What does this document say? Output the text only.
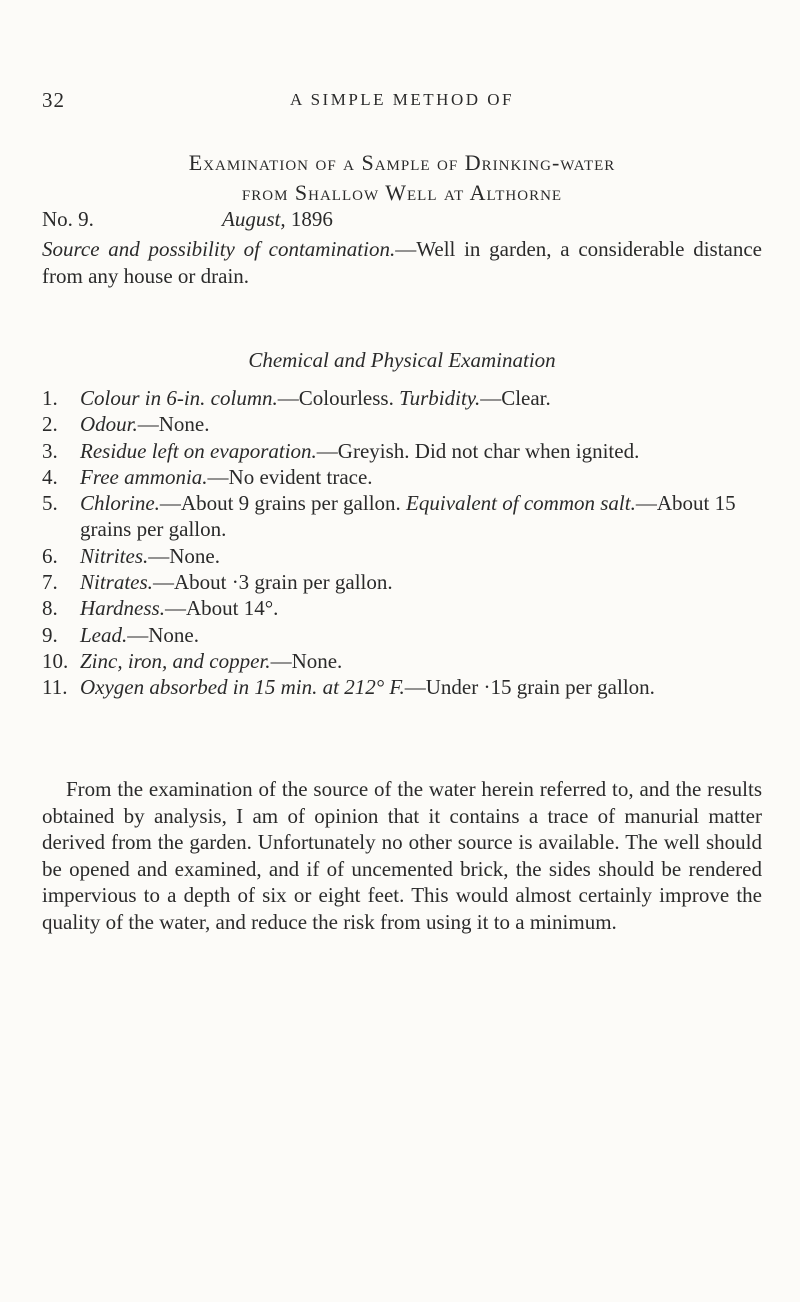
32	A SIMPLE METHOD OF
Examination of a Sample of Drinking-water
from Shallow Well at Althorne
No. 9.	August, 1896

Source and possibility of contamination.—Well in garden, a considerable distance from any house or drain.

Chemical and Physical Examination
1.	Colour in 6-in. column.—Colourless. Turbidity.—Clear.
2.	Odour.—None.
3.	Residue left on evaporation.—Greyish. Did not char when ignited.
4.	Free ammonia.—No evident trace.
5.	Chlorine.—About 9 grains per gallon. Equivalent of common salt.—About 15 grains per gallon.
6.	Nitrites.—None.
7.	Nitrates.—About ·3 grain per gallon.
8.	Hardness.—About 14°.
9.	Lead.—None.
10. Zinc, iron, and copper.—None.
11. Oxygen absorbed in 15 min. at 212° F.—Under ·15 grain per gallon.

From the examination of the source of the water herein referred to, and the results obtained by analysis, I am of opinion that it contains a trace of manurial matter derived from the garden. Unfortunately no other source is available. The well should be opened and examined, and if of uncemented brick, the sides should be rendered impervious to a depth of six or eight feet. This would almost certainly improve the quality of the water, and reduce the risk from using it to a minimum.
